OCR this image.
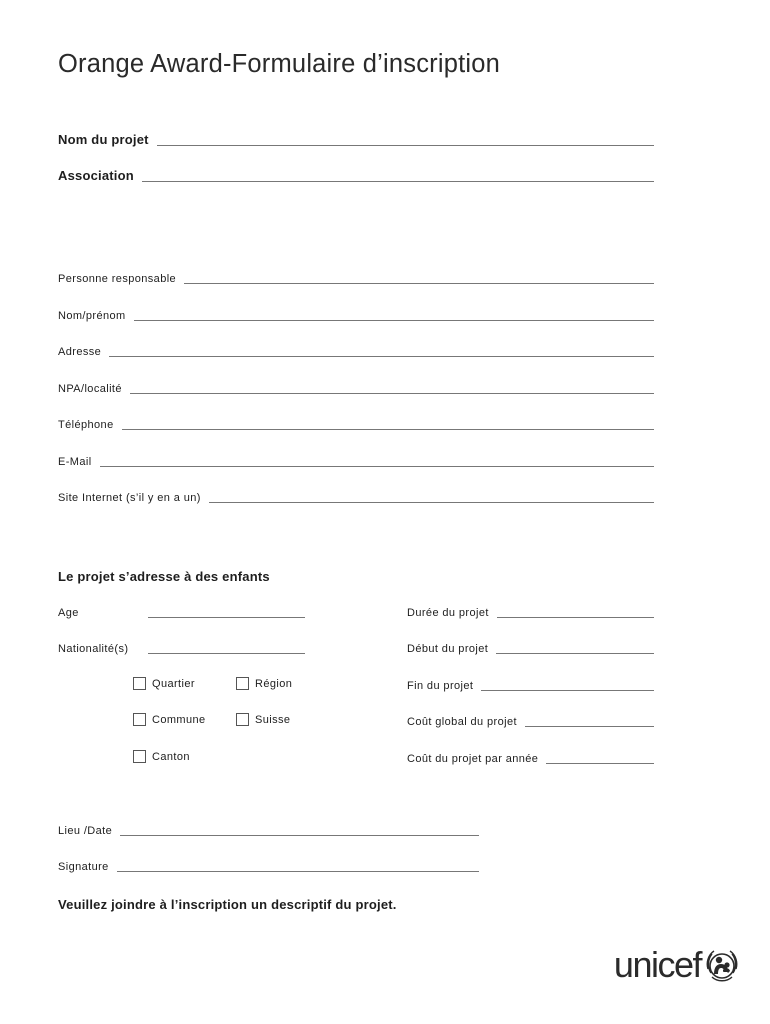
Orange Award-Formulaire d’inscription
Nom du projet
Association
Personne responsable
Nom/prénom
Adresse
NPA/localité
Téléphone
E-Mail
Site Internet (s’il y en a un)
Le projet s’adresse à des enfants
Age
Nationalité(s)
Quartier	Région
Commune	Suisse
Canton
Durée du projet
Début du projet
Fin du projet
Coût global du projet
Coût du projet par année
Lieu /Date
Signature
Veuillez joindre à l’inscription un descriptif du projet.
unicef
